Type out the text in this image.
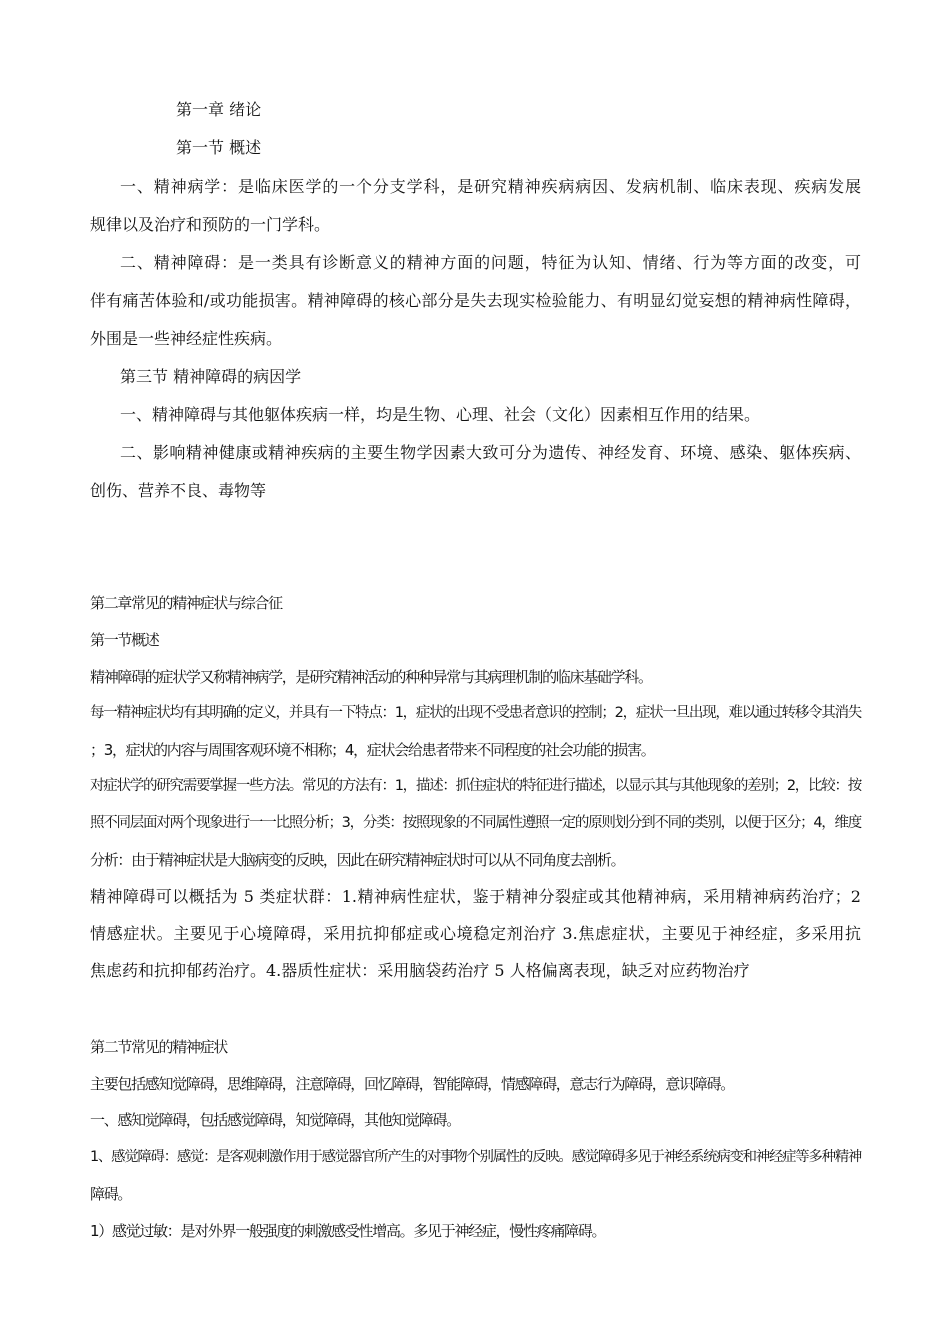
第一章 绪论
第一节 概述
一、精神病学：是临床医学的一个分支学科，是研究精神疾病病因、发病机制、临床表现、疾病发展
规律以及治疗和预防的一门学科。
二、精神障碍：是一类具有诊断意义的精神方面的问题，特征为认知、情绪、行为等方面的改变，可
伴有痛苦体验和/或功能损害。精神障碍的核心部分是失去现实检验能力、有明显幻觉妄想的精神病性障碍，
外围是一些神经症性疾病。
第三节 精神障碍的病因学
一、精神障碍与其他躯体疾病一样，均是生物、心理、社会（文化）因素相互作用的结果。
二、影响精神健康或精神疾病的主要生物学因素大致可分为遗传、神经发育、环境、感染、躯体疾病、
创伤、营养不良、毒物等
第二章常见的精神症状与综合征
第一节概述
精神障碍的症状学又称精神病学，是研究精神活动的种种异常与其病理机制的临床基础学科。
每一精神症状均有其明确的定义，并具有一下特点：1，症状的出现不受患者意识的控制；2，症状一旦出现，难以通过转移令其消失
；3，症状的内容与周围客观环境不相称；4，症状会给患者带来不同程度的社会功能的损害。
对症状学的研究需要掌握一些方法。常见的方法有：1，描述：抓住症状的特征进行描述，以显示其与其他现象的差别；2，比较：按
照不同层面对两个现象进行一一比照分析；3，分类：按照现象的不同属性遵照一定的原则划分到不同的类别，以便于区分；4，维度
分析：由于精神症状是大脑病变的反映，因此在研究精神症状时可以从不同角度去剖析。
精神障碍可以概括为 5 类症状群：1.精神病性症状，鉴于精神分裂症或其他精神病，采用精神病药治疗；2
情感症状。主要见于心境障碍，采用抗抑郁症或心境稳定剂治疗 3.焦虑症状，主要见于神经症，多采用抗
焦虑药和抗抑郁药治疗。4.器质性症状：采用脑袋药治疗 5 人格偏离表现，缺乏对应药物治疗
第二节常见的精神症状
主要包括感知觉障碍，思维障碍，注意障碍，回忆障碍，智能障碍，情感障碍，意志行为障碍，意识障碍。
一、感知觉障碍，包括感觉障碍，知觉障碍，其他知觉障碍。
1、感觉障碍：感觉：是客观刺激作用于感觉器官所产生的对事物个别属性的反映。感觉障碍多见于神经系统病变和神经症等多种精神
障碍。
1）感觉过敏：是对外界一般强度的刺激感受性增高。多见于神经症，慢性疼痛障碍。
